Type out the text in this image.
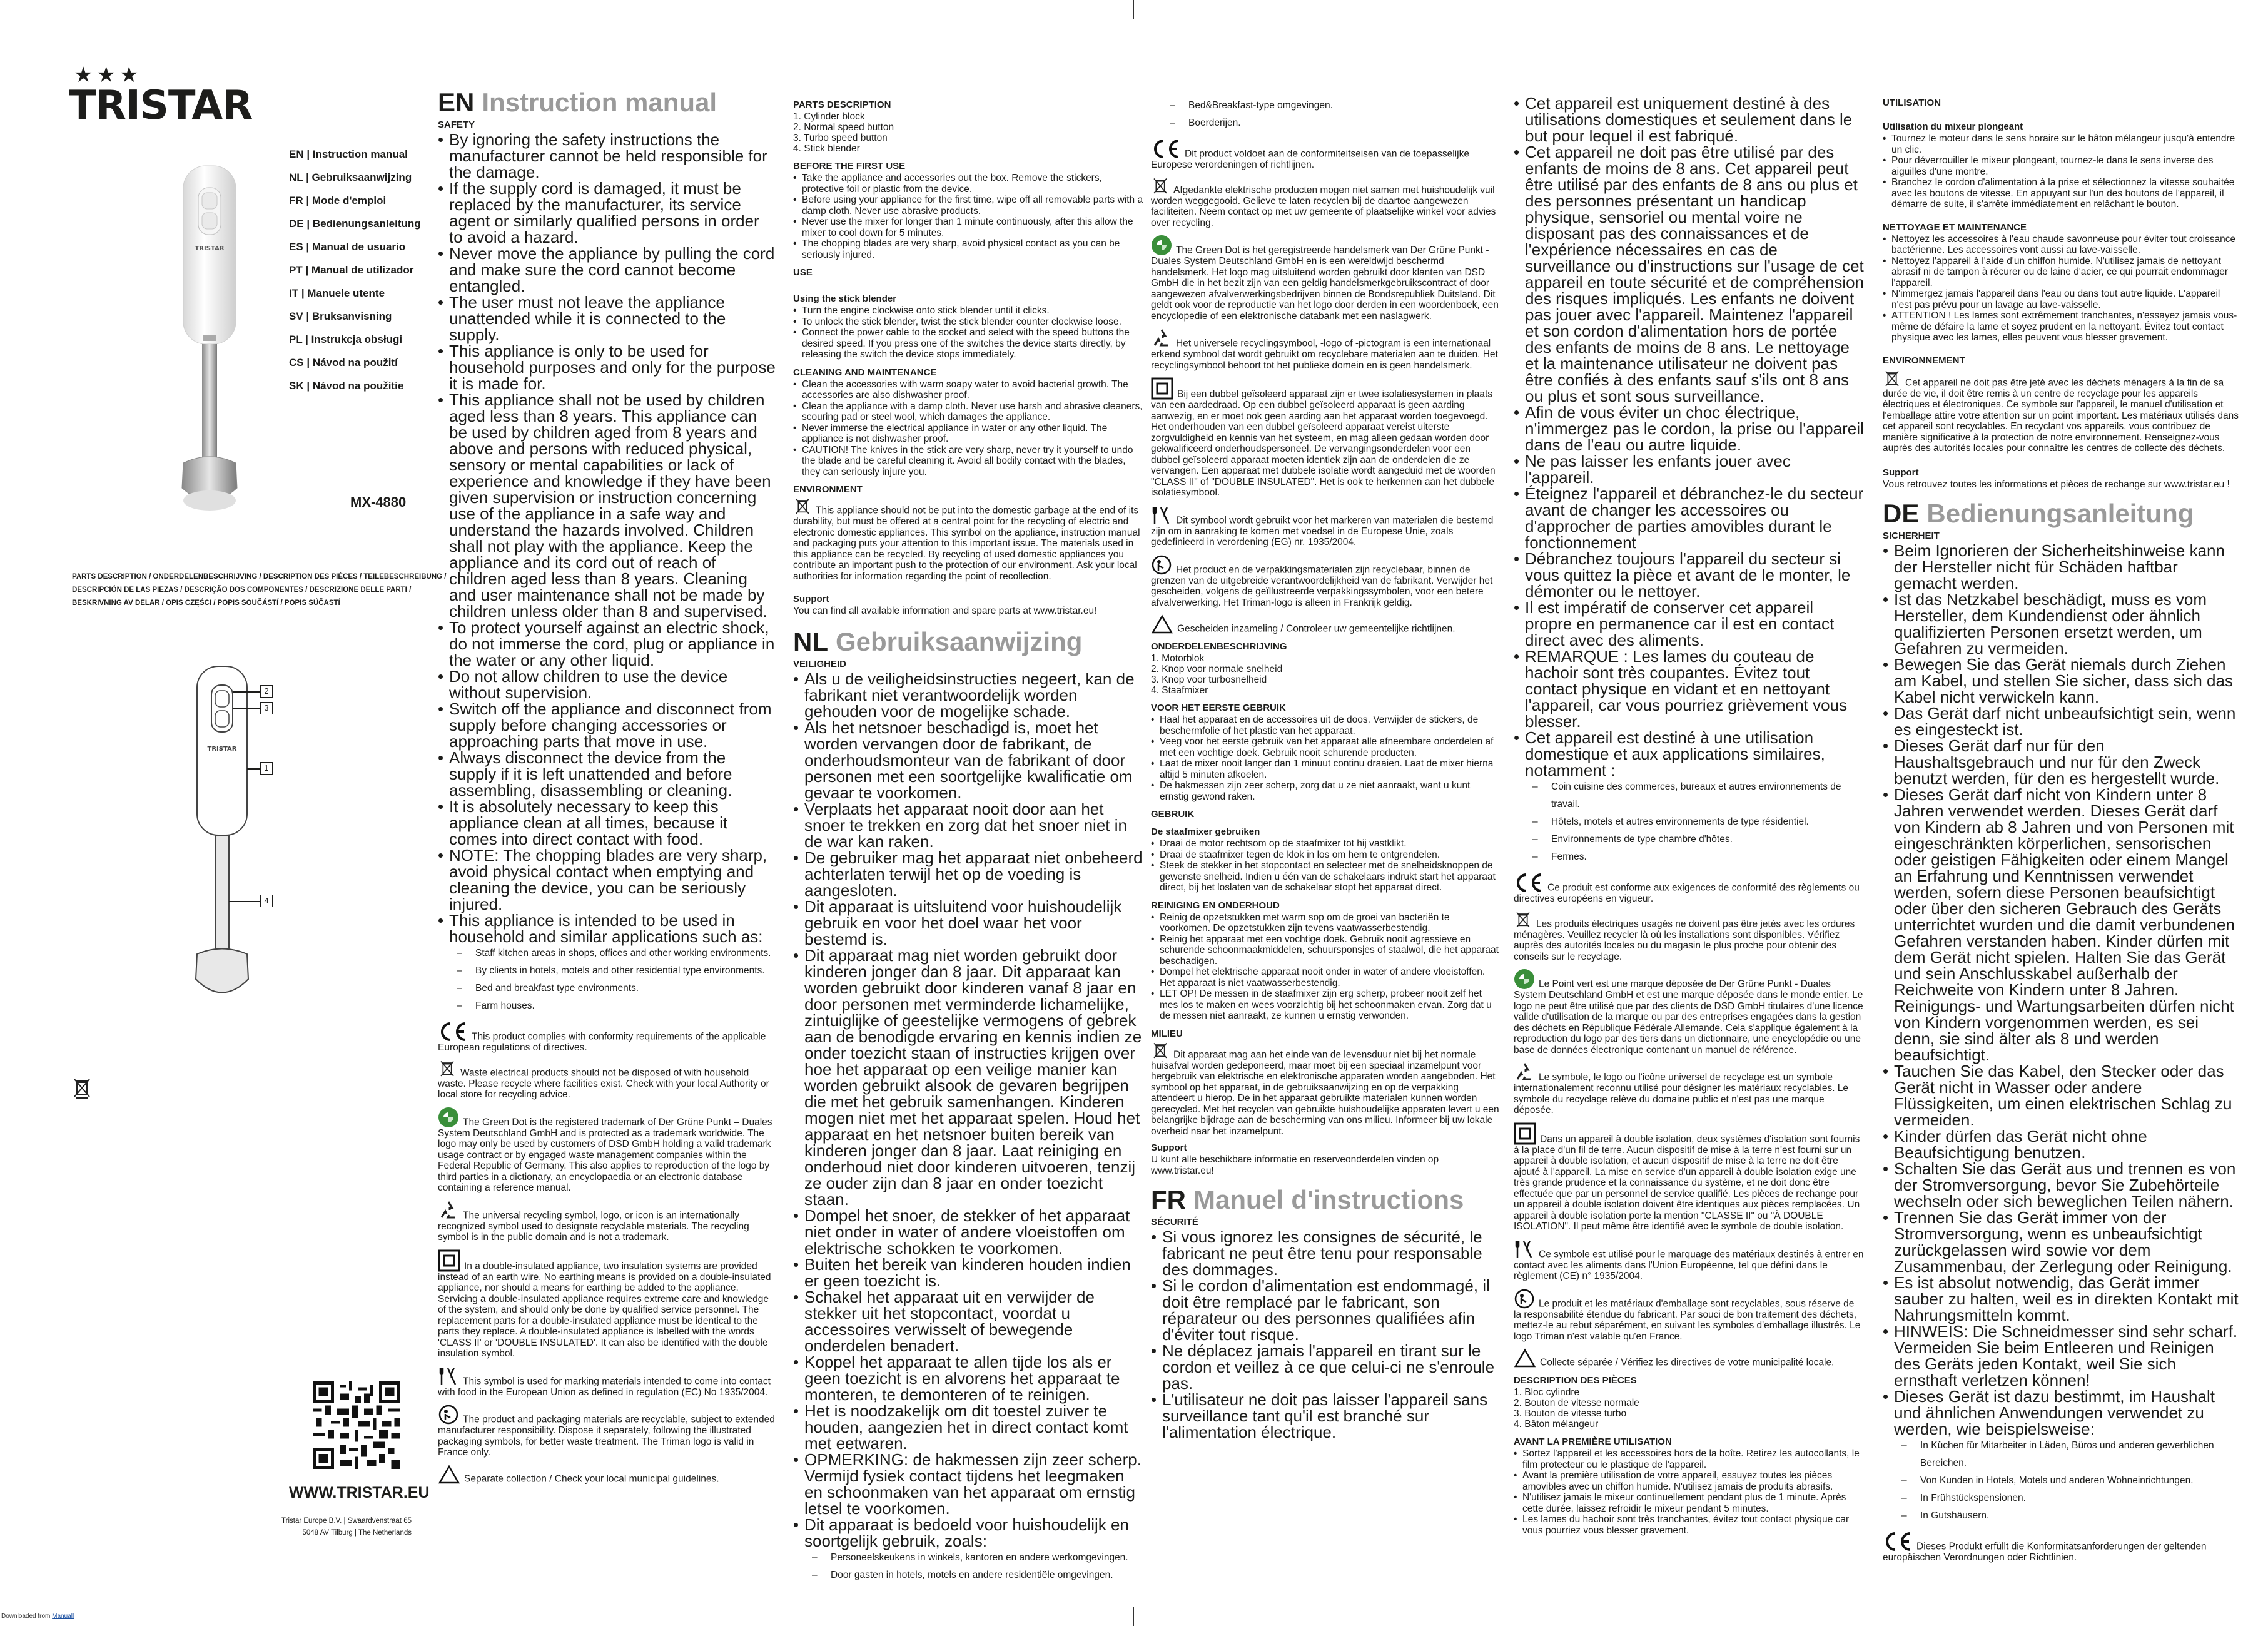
★★★
TRISTAR
EN | Instruction manual
NL | Gebruiksaanwijzing
FR | Mode d'emploi
DE | Bedienungsanleitung
ES | Manual de usuario
PT | Manual de utilizador
IT | Manuele utente
SV | Bruksanvisning
PL | Instrukcja obsługi
CS | Návod na použití
SK | Návod na použitie
TRISTAR
MX-4880
PARTS DESCRIPTION / ONDERDELENBESCHRIJVING / DESCRIPTION DES PIÈCES / TEILEBESCHREIBUNG /
DESCRIPCIÓN DE LAS PIEZAS / DESCRIÇÃO DOS COMPONENTES / DESCRIZIONE DELLE PARTI /
BESKRIVNING AV DELAR / OPIS CZĘŚCI / POPIS SOUČÁSTÍ / POPIS SÚČASTÍ
TRISTAR
2
3
1
4
WWW.TRISTAR.EU
Tristar Europe B.V. | Swaardvenstraat 65
5048 AV Tilburg | The Netherlands
Downloaded from Manuall
EN Instruction manual
SAFETY
• By ignoring the safety instructions the manufacturer cannot be held responsible for the damage.
• If the supply cord is damaged, it must be replaced by the manufacturer, its service agent or similarly qualified persons in order to avoid a hazard.
• Never move the appliance by pulling the cord and make sure the cord cannot become entangled.
• The user must not leave the appliance unattended while it is connected to the supply.
• This appliance is only to be used for household purposes and only for the purpose it is made for.
• This appliance shall not be used by children aged less than 8 years. This appliance can be used by children aged from 8 years and above and persons with reduced physical, sensory or mental capabilities or lack of experience and knowledge if they have been given supervision or instruction concerning use of the appliance in a safe way and understand the hazards involved. Children shall not play with the appliance. Keep the appliance and its cord out of reach of children aged less than 8 years. Cleaning and user maintenance shall not be made by children unless older than 8 and supervised.
• To protect yourself against an electric shock, do not immerse the cord, plug or appliance in the water or any other liquid.
• Do not allow children to use the device without supervision.
• Switch off the appliance and disconnect from supply before changing accessories or approaching parts that move in use.
• Always disconnect the device from the supply if it is left unattended and before assembling, disassembling or cleaning.
• It is absolutely necessary to keep this appliance clean at all times, because it comes into direct contact with food.
• NOTE: The chopping blades are very sharp, avoid physical contact when emptying and cleaning the device, you can be seriously injured.
• This appliance is intended to be used in household and similar applications such as:
– Staff kitchen areas in shops, offices and other working environments.
– By clients in hotels, motels and other residential type environments.
– Bed and breakfast type environments.
– Farm houses.
This product complies with conformity requirements of the applicable European regulations of directives.
Waste electrical products should not be disposed of with household waste. Please recycle where facilities exist. Check with your local Authority or local store for recycling advice.
The Green Dot is the registered trademark of Der Grüne Punkt – Duales System Deutschland GmbH and is protected as a trademark worldwide. The logo may only be used by customers of DSD GmbH holding a valid trademark usage contract or by engaged waste management companies within the Federal Republic of Germany. This also applies to reproduction of the logo by third parties in a dictionary, an encyclopaedia or an electronic database containing a reference manual.
The universal recycling symbol, logo, or icon is an internationally recognized symbol used to designate recyclable materials. The recycling symbol is in the public domain and is not a trademark.
In a double-insulated appliance, two insulation systems are provided instead of an earth wire. No earthing means is provided on a double-insulated appliance, nor should a means for earthing be added to the appliance. Servicing a double-insulated appliance requires extreme care and knowledge of the system, and should only be done by qualified service personnel. The replacement parts for a double-insulated appliance must be identical to the parts they replace. A double-insulated appliance is labelled with the words 'CLASS II' or 'DOUBLE INSULATED'. It can also be identified with the double insulation symbol.
This symbol is used for marking materials intended to come into contact with food in the European Union as defined in regulation (EC) No 1935/2004.
The product and packaging materials are recyclable, subject to extended manufacturer responsibility. Dispose it separately, following the illustrated packaging symbols, for better waste treatment. The Triman logo is valid in France only.
Separate collection / Check your local municipal guidelines.
PARTS DESCRIPTION
1. Cylinder block
2. Normal speed button
3. Turbo speed button
4. Stick blender
BEFORE THE FIRST USE
• Take the appliance and accessories out the box. Remove the stickers, protective foil or plastic from the device.
• Before using your appliance for the first time, wipe off all removable parts with a damp cloth. Never use abrasive products.
• Never use the mixer for longer than 1 minute continuously, after this allow the mixer to cool down for 5 minutes.
• The chopping blades are very sharp, avoid physical contact as you can be seriously injured.
USE
Using the stick blender
• Turn the engine clockwise onto stick blender until it clicks.
• To unlock the stick blender, twist the stick blender counter clockwise loose.
• Connect the power cable to the socket and select with the speed buttons the desired speed. If you press one of the switches the device starts directly, by releasing the switch the device stops immediately.
CLEANING AND MAINTENANCE
• Clean the accessories with warm soapy water to avoid bacterial growth. The accessories are also dishwasher proof.
• Clean the appliance with a damp cloth. Never use harsh and abrasive cleaners, scouring pad or steel wool, which damages the appliance.
• Never immerse the electrical appliance in water or any other liquid. The appliance is not dishwasher proof.
• CAUTION! The knives in the stick are very sharp, never try it yourself to undo the blade and be careful cleaning it. Avoid all bodily contact with the blades, they can seriously injure you.
ENVIRONMENT
This appliance should not be put into the domestic garbage at the end of its durability, but must be offered at a central point for the recycling of electric and electronic domestic appliances. This symbol on the appliance, instruction manual and packaging puts your attention to this important issue. The materials used in this appliance can be recycled. By recycling of used domestic appliances you contribute an important push to the protection of our environment. Ask your local authorities for information regarding the point of recollection.
Support
You can find all available information and spare parts at www.tristar.eu!
NL Gebruiksaanwijzing
VEILIGHEID
• Als u de veiligheidsinstructies negeert, kan de fabrikant niet verantwoordelijk worden gehouden voor de mogelijke schade.
• Als het netsnoer beschadigd is, moet het worden vervangen door de fabrikant, de onderhoudsmonteur van de fabrikant of door personen met een soortgelijke kwalificatie om gevaar te voorkomen.
• Verplaats het apparaat nooit door aan het snoer te trekken en zorg dat het snoer niet in de war kan raken.
• De gebruiker mag het apparaat niet onbeheerd achterlaten terwijl het op de voeding is aangesloten.
• Dit apparaat is uitsluitend voor huishoudelijk gebruik en voor het doel waar het voor bestemd is.
• Dit apparaat mag niet worden gebruikt door kinderen jonger dan 8 jaar. Dit apparaat kan worden gebruikt door kinderen vanaf 8 jaar en door personen met verminderde lichamelijke, zintuiglijke of geestelijke vermogens of gebrek aan de benodigde ervaring en kennis indien ze onder toezicht staan of instructies krijgen over hoe het apparaat op een veilige manier kan worden gebruikt alsook de gevaren begrijpen die met het gebruik samenhangen. Kinderen mogen niet met het apparaat spelen. Houd het apparaat en het netsnoer buiten bereik van kinderen jonger dan 8 jaar. Laat reiniging en onderhoud niet door kinderen uitvoeren, tenzij ze ouder zijn dan 8 jaar en onder toezicht staan.
• Dompel het snoer, de stekker of het apparaat niet onder in water of andere vloeistoffen om elektrische schokken te voorkomen.
• Buiten het bereik van kinderen houden indien er geen toezicht is.
• Schakel het apparaat uit en verwijder de stekker uit het stopcontact, voordat u accessoires verwisselt of bewegende onderdelen benadert.
• Koppel het apparaat te allen tijde los als er geen toezicht is en alvorens het apparaat te monteren, te demonteren of te reinigen.
• Het is noodzakelijk om dit toestel zuiver te houden, aangezien het in direct contact komt met eetwaren.
• OPMERKING: de hakmessen zijn zeer scherp. Vermijd fysiek contact tijdens het leegmaken en schoonmaken van het apparaat om ernstig letsel te voorkomen.
• Dit apparaat is bedoeld voor huishoudelijk en soortgelijk gebruik, zoals:
– Personeelskeukens in winkels, kantoren en andere werkomgevingen.
– Door gasten in hotels, motels en andere residentiële omgevingen.
– Bed&Breakfast-type omgevingen.
– Boerderijen.
Dit product voldoet aan de conformiteitseisen van de toepasselijke Europese verordeningen of richtlijnen.
Afgedankte elektrische producten mogen niet samen met huishoudelijk vuil worden weggegooid. Gelieve te laten recyclen bij de daartoe aangewezen faciliteiten. Neem contact op met uw gemeente of plaatselijke winkel voor advies over recycling.
The Green Dot is het geregistreerde handelsmerk van Der Grüne Punkt - Duales System Deutschland GmbH en is een wereldwijd beschermd handelsmerk. Het logo mag uitsluitend worden gebruikt door klanten van DSD GmbH die in het bezit zijn van een geldig handelsmerkgebruikscontract of door aangewezen afvalverwerkingsbedrijven binnen de Bondsrepubliek Duitsland. Dit geldt ook voor de reproductie van het logo door derden in een woordenboek, een encyclopedie of een elektronische databank met een naslagwerk.
Het universele recyclingsymbool, -logo of -pictogram is een internationaal erkend symbool dat wordt gebruikt om recyclebare materialen aan te duiden. Het recyclingsymbool behoort tot het publieke domein en is geen handelsmerk.
Bij een dubbel geïsoleerd apparaat zijn er twee isolatiesystemen in plaats van een aardedraad. Op een dubbel geïsoleerd apparaat is geen aarding aanwezig, en er moet ook geen aarding aan het apparaat worden toegevoegd. Het onderhouden van een dubbel geïsoleerd apparaat vereist uiterste zorgvuldigheid en kennis van het systeem, en mag alleen gedaan worden door gekwalificeerd onderhoudspersoneel. De vervangingsonderdelen voor een dubbel geïsoleerd apparaat moeten identiek zijn aan de onderdelen die ze vervangen. Een apparaat met dubbele isolatie wordt aangeduid met de woorden "CLASS II" of "DOUBLE INSULATED". Het is ook te herkennen aan het dubbele isolatiesymbool.
Dit symbool wordt gebruikt voor het markeren van materialen die bestemd zijn om in aanraking te komen met voedsel in de Europese Unie, zoals gedefinieerd in verordening (EG) nr. 1935/2004.
Het product en de verpakkingsmaterialen zijn recyclebaar, binnen de grenzen van de uitgebreide verantwoordelijkheid van de fabrikant. Verwijder het gescheiden, volgens de geïllustreerde verpakkingssymbolen, voor een betere afvalverwerking. Het Triman-logo is alleen in Frankrijk geldig.
Gescheiden inzameling / Controleer uw gemeentelijke richtlijnen.
ONDERDELENBESCHRIJVING
1. Motorblok
2. Knop voor normale snelheid
3. Knop voor turbosnelheid
4. Staafmixer
VOOR HET EERSTE GEBRUIK
• Haal het apparaat en de accessoires uit de doos. Verwijder de stickers, de beschermfolie of het plastic van het apparaat.
• Veeg voor het eerste gebruik van het apparaat alle afneembare onderdelen af met een vochtige doek. Gebruik nooit schurende producten.
• Laat de mixer nooit langer dan 1 minuut continu draaien. Laat de mixer hierna altijd 5 minuten afkoelen.
• De hakmessen zijn zeer scherp, zorg dat u ze niet aanraakt, want u kunt ernstig gewond raken.
GEBRUIK
De staafmixer gebruiken
• Draai de motor rechtsom op de staafmixer tot hij vastklikt.
• Draai de staafmixer tegen de klok in los om hem te ontgrendelen.
• Steek de stekker in het stopcontact en selecteer met de snelheidsknoppen de gewenste snelheid. Indien u één van de schakelaars indrukt start het apparaat direct, bij het loslaten van de schakelaar stopt het apparaat direct.
REINIGING EN ONDERHOUD
• Reinig de opzetstukken met warm sop om de groei van bacteriën te voorkomen. De opzetstukken zijn tevens vaatwasserbestendig.
• Reinig het apparaat met een vochtige doek. Gebruik nooit agressieve en schurende schoonmaakmiddelen, schuursponsjes of staalwol, die het apparaat beschadigen.
• Dompel het elektrische apparaat nooit onder in water of andere vloeistoffen. Het apparaat is niet vaatwasserbestendig.
• LET OP! De messen in de staafmixer zijn erg scherp, probeer nooit zelf het mes los te maken en wees voorzichtig bij het schoonmaken ervan. Zorg dat u de messen niet aanraakt, ze kunnen u ernstig verwonden.
MILIEU
Dit apparaat mag aan het einde van de levensduur niet bij het normale huisafval worden gedeponeerd, maar moet bij een speciaal inzamelpunt voor hergebruik van elektrische en elektronische apparaten worden aangeboden. Het symbool op het apparaat, in de gebruiksaanwijzing en op de verpakking attendeert u hierop. De in het apparaat gebruikte materialen kunnen worden gerecycled. Met het recyclen van gebruikte huishoudelijke apparaten levert u een belangrijke bijdrage aan de bescherming van ons milieu. Informeer bij uw lokale overheid naar het inzamelpunt.
Support
U kunt alle beschikbare informatie en reserveonderdelen vinden op www.tristar.eu!
FR Manuel d'instructions
SÉCURITÉ
• Si vous ignorez les consignes de sécurité, le fabricant ne peut être tenu pour responsable des dommages.
• Si le cordon d'alimentation est endommagé, il doit être remplacé par le fabricant, son réparateur ou des personnes qualifiées afin d'éviter tout risque.
• Ne déplacez jamais l'appareil en tirant sur le cordon et veillez à ce que celui-ci ne s'enroule pas.
• L'utilisateur ne doit pas laisser l'appareil sans surveillance tant qu'il est branché sur l'alimentation électrique.
• Cet appareil est uniquement destiné à des utilisations domestiques et seulement dans le but pour lequel il est fabriqué.
• Cet appareil ne doit pas être utilisé par des enfants de moins de 8 ans. Cet appareil peut être utilisé par des enfants de 8 ans ou plus et des personnes présentant un handicap physique, sensoriel ou mental voire ne disposant pas des connaissances et de l'expérience nécessaires en cas de surveillance ou d'instructions sur l'usage de cet appareil en toute sécurité et de compréhension des risques impliqués. Les enfants ne doivent pas jouer avec l'appareil. Maintenez l'appareil et son cordon d'alimentation hors de portée des enfants de moins de 8 ans. Le nettoyage et la maintenance utilisateur ne doivent pas être confiés à des enfants sauf s'ils ont 8 ans ou plus et sont sous surveillance.
• Afin de vous éviter un choc électrique, n'immergez pas le cordon, la prise ou l'appareil dans de l'eau ou autre liquide.
• Ne pas laisser les enfants jouer avec l'appareil.
• Éteignez l'appareil et débranchez-le du secteur avant de changer les accessoires ou d'approcher de parties amovibles durant le fonctionnement
• Débranchez toujours l'appareil du secteur si vous quittez la pièce et avant de le monter, le démonter ou le nettoyer.
• Il est impératif de conserver cet appareil propre en permanence car il est en contact direct avec des aliments.
• REMARQUE : Les lames du couteau de hachoir sont très coupantes. Évitez tout contact physique en vidant et en nettoyant l'appareil, car vous pourriez grièvement vous blesser.
• Cet appareil est destiné à une utilisation domestique et aux applications similaires, notamment :
– Coin cuisine des commerces, bureaux et autres environnements de travail.
– Hôtels, motels et autres environnements de type résidentiel.
– Environnements de type chambre d'hôtes.
– Fermes.
Ce produit est conforme aux exigences de conformité des règlements ou directives européens en vigueur.
Les produits électriques usagés ne doivent pas être jetés avec les ordures ménagères. Veuillez recycler là où les installations sont disponibles. Vérifiez auprès des autorités locales ou du magasin le plus proche pour obtenir des conseils sur le recyclage.
Le Point vert est une marque déposée de Der Grüne Punkt - Duales System Deutschland GmbH et est une marque déposée dans le monde entier. Le logo ne peut être utilisé que par des clients de DSD GmbH titulaires d'une licence valide d'utilisation de la marque ou par des entreprises engagées dans la gestion des déchets en République Fédérale Allemande. Cela s'applique également à la reproduction du logo par des tiers dans un dictionnaire, une encyclopédie ou une base de données électronique contenant un manuel de référence.
Le symbole, le logo ou l'icône universel de recyclage est un symbole internationalement reconnu utilisé pour désigner les matériaux recyclables. Le symbole du recyclage relève du domaine public et n'est pas une marque déposée.
Dans un appareil à double isolation, deux systèmes d'isolation sont fournis à la place d'un fil de terre. Aucun dispositif de mise à la terre n'est fourni sur un appareil à double isolation, et aucun dispositif de mise à la terre ne doit être ajouté à l'appareil. La mise en service d'un appareil à double isolation exige une très grande prudence et la connaissance du système, et ne doit donc être effectuée que par un personnel de service qualifié. Les pièces de rechange pour un appareil à double isolation doivent être identiques aux pièces remplacées. Un appareil à double isolation porte la mention "CLASSE II" ou "À DOUBLE ISOLATION". Il peut même être identifié avec le symbole de double isolation.
Ce symbole est utilisé pour le marquage des matériaux destinés à entrer en contact avec les aliments dans l'Union Européenne, tel que défini dans le règlement (CE) n° 1935/2004.
Le produit et les matériaux d'emballage sont recyclables, sous réserve de la responsabilité étendue du fabricant. Par souci de bon traitement des déchets, mettez-le au rebut séparément, en suivant les symboles d'emballage illustrés. Le logo Triman n'est valable qu'en France.
Collecte séparée / Vérifiez les directives de votre municipalité locale.
DESCRIPTION DES PIÈCES
1. Bloc cylindre
2. Bouton de vitesse normale
3. Bouton de vitesse turbo
4. Bâton mélangeur
AVANT LA PREMIÈRE UTILISATION
• Sortez l'appareil et les accessoires hors de la boîte. Retirez les autocollants, le film protecteur ou le plastique de l'appareil.
• Avant la première utilisation de votre appareil, essuyez toutes les pièces amovibles avec un chiffon humide. N'utilisez jamais de produits abrasifs.
• N'utilisez jamais le mixeur continuellement pendant plus de 1 minute. Après cette durée, laissez refroidir le mixeur pendant 5 minutes.
• Les lames du hachoir sont très tranchantes, évitez tout contact physique car vous pourriez vous blesser gravement.
UTILISATION
Utilisation du mixeur plongeant
• Tournez le moteur dans le sens horaire sur le bâton mélangeur jusqu'à entendre un clic.
• Pour déverrouiller le mixeur plongeant, tournez-le dans le sens inverse des aiguilles d'une montre.
• Branchez le cordon d'alimentation à la prise et sélectionnez la vitesse souhaitée avec les boutons de vitesse. En appuyant sur l'un des boutons de l'appareil, il démarre de suite, il s'arrête immédiatement en relâchant le bouton.
NETTOYAGE ET MAINTENANCE
• Nettoyez les accessoires à l'eau chaude savonneuse pour éviter tout croissance bactérienne. Les accessoires vont aussi au lave-vaisselle.
• Nettoyez l'appareil à l'aide d'un chiffon humide. N'utilisez jamais de nettoyant abrasif ni de tampon à récurer ou de laine d'acier, ce qui pourrait endommager l'appareil.
• N'immergez jamais l'appareil dans l'eau ou dans tout autre liquide. L'appareil n'est pas prévu pour un lavage au lave-vaisselle.
• ATTENTION ! Les lames sont extrêmement tranchantes, n'essayez jamais vous-même de défaire la lame et soyez prudent en la nettoyant. Évitez tout contact physique avec les lames, elles peuvent vous blesser gravement.
ENVIRONNEMENT
Cet appareil ne doit pas être jeté avec les déchets ménagers à la fin de sa durée de vie, il doit être remis à un centre de recyclage pour les appareils électriques et électroniques. Ce symbole sur l'appareil, le manuel d'utilisation et l'emballage attire votre attention sur un point important. Les matériaux utilisés dans cet appareil sont recyclables. En recyclant vos appareils, vous contribuez de manière significative à la protection de notre environnement. Renseignez-vous auprès des autorités locales pour connaître les centres de collecte des déchets.
Support
Vous retrouvez toutes les informations et pièces de rechange sur www.tristar.eu !
DE Bedienungsanleitung
SICHERHEIT
• Beim Ignorieren der Sicherheitshinweise kann der Hersteller nicht für Schäden haftbar gemacht werden.
• Ist das Netzkabel beschädigt, muss es vom Hersteller, dem Kundendienst oder ähnlich qualifizierten Personen ersetzt werden, um Gefahren zu vermeiden.
• Bewegen Sie das Gerät niemals durch Ziehen am Kabel, und stellen Sie sicher, dass sich das Kabel nicht verwickeln kann.
• Das Gerät darf nicht unbeaufsichtigt sein, wenn es eingesteckt ist.
• Dieses Gerät darf nur für den Haushaltsgebrauch und nur für den Zweck benutzt werden, für den es hergestellt wurde.
• Dieses Gerät darf nicht von Kindern unter 8 Jahren verwendet werden. Dieses Gerät darf von Kindern ab 8 Jahren und von Personen mit eingeschränkten körperlichen, sensorischen oder geistigen Fähigkeiten oder einem Mangel an Erfahrung und Kenntnissen verwendet werden, sofern diese Personen beaufsichtigt oder über den sicheren Gebrauch des Geräts unterrichtet wurden und die damit verbundenen Gefahren verstanden haben. Kinder dürfen mit dem Gerät nicht spielen. Halten Sie das Gerät und sein Anschlusskabel außerhalb der Reichweite von Kindern unter 8 Jahren. Reinigungs- und Wartungsarbeiten dürfen nicht von Kindern vorgenommen werden, es sei denn, sie sind älter als 8 und werden beaufsichtigt.
• Tauchen Sie das Kabel, den Stecker oder das Gerät nicht in Wasser oder andere Flüssigkeiten, um einen elektrischen Schlag zu vermeiden.
• Kinder dürfen das Gerät nicht ohne Beaufsichtigung benutzen.
• Schalten Sie das Gerät aus und trennen es von der Stromversorgung, bevor Sie Zubehörteile wechseln oder sich beweglichen Teilen nähern.
• Trennen Sie das Gerät immer von der Stromversorgung, wenn es unbeaufsichtigt zurückgelassen wird sowie vor dem Zusammenbau, der Zerlegung oder Reinigung.
• Es ist absolut notwendig, das Gerät immer sauber zu halten, weil es in direkten Kontakt mit Nahrungsmitteln kommt.
• HINWEIS: Die Schneidmesser sind sehr scharf. Vermeiden Sie beim Entleeren und Reinigen des Geräts jeden Kontakt, weil Sie sich ernsthaft verletzen können!
• Dieses Gerät ist dazu bestimmt, im Haushalt und ähnlichen Anwendungen verwendet zu werden, wie beispielsweise:
– In Küchen für Mitarbeiter in Läden, Büros und anderen gewerblichen Bereichen.
– Von Kunden in Hotels, Motels und anderen Wohneinrichtungen.
– In Frühstückspensionen.
– In Gutshäusern.
Dieses Produkt erfüllt die Konformitätsanforderungen der geltenden europäischen Verordnungen oder Richtlinien.
